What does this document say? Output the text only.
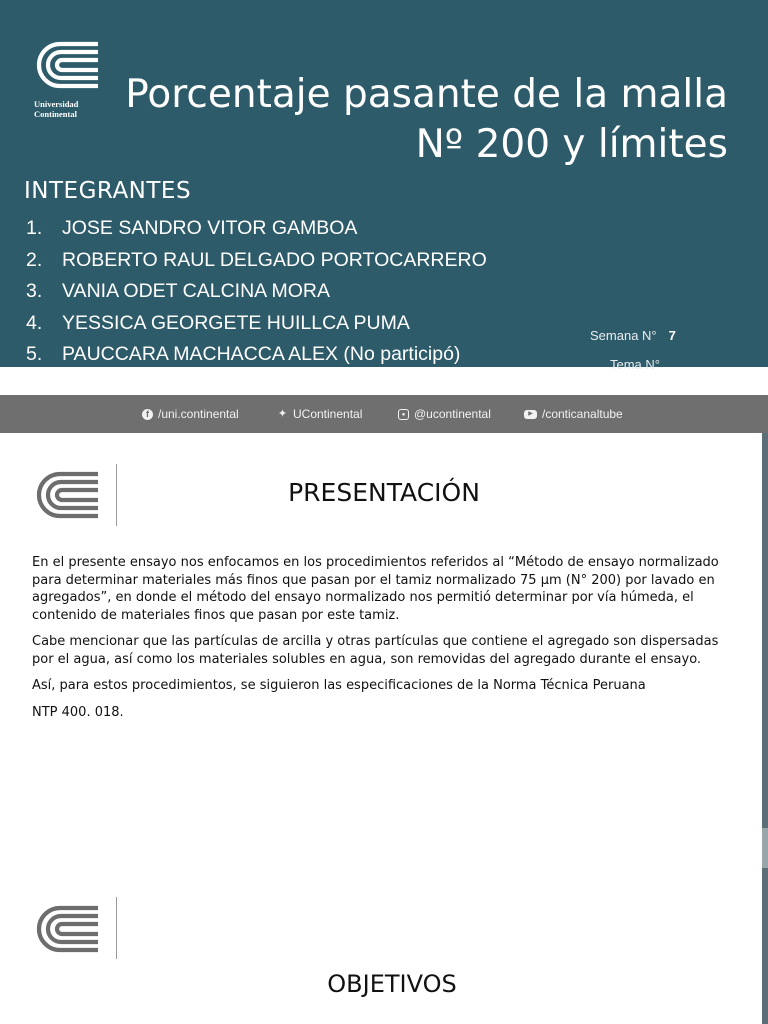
Universidad
Continental	Porcentaje pasante de la malla
Nº 200 y límites
INTEGRANTES
1. JOSE SANDRO VITOR GAMBOA
2. ROBERTO RAUL DELGADO PORTOCARRERO
3. VANIA ODET CALCINA MORA
4. YESSICA GEORGETE HUILLCA PUMA
5. PAUCCARA MACHACCA ALEX (No participó)
Semana N° 7
Tema N°
f /uni.continental	✦ UContinental	● @ucontinental	▶ /conticanaltube
PRESENTACIÓN

En el presente ensayo nos enfocamos en los procedimientos referidos al “Método de ensayo normalizado para determinar materiales más finos que pasan por el tamiz normalizado 75 µm (N° 200) por lavado en agregados”, en donde el método del ensayo normalizado nos permitió determinar por vía húmeda, el contenido de materiales finos que pasan por este tamiz.

Cabe mencionar que las partículas de arcilla y otras partículas que contiene el agregado son dispersadas por el agua, así como los materiales solubles en agua, son removidas del agregado durante el ensayo.

Así, para estos procedimientos, se siguieron las especificaciones de la Norma Técnica Peruana

NTP 400. 018.

OBJETIVOS
